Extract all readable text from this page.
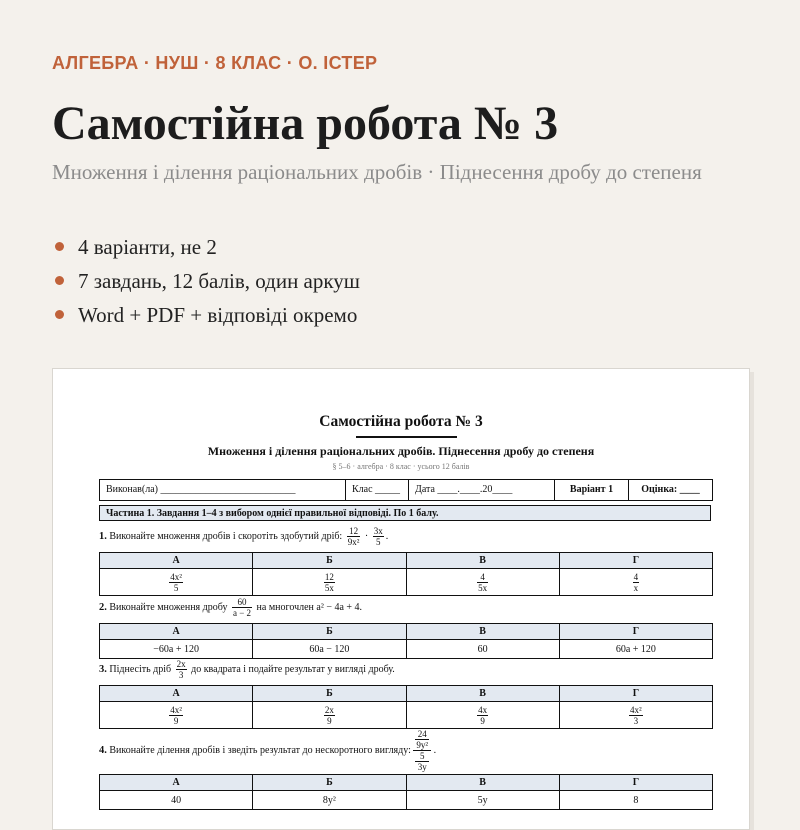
АЛГЕБРА · НУШ · 8 КЛАС · О. ІСТЕР
Самостійна робота № 3
Множення і ділення раціональних дробів · Піднесення дробу до степеня
4 варіанти, не 2
7 завдань, 12 балів, один аркуш
Word + PDF + відповіді окремо
Самостійна робота № 3
Множення і ділення раціональних дробів. Піднесення дробу до степеня
§ 5–6 · алгебра · 8 клас · усього 12 балів
Виконав(ла) ___________________________	Клас _____	Дата ____.____.20____	Варіант 1	Оцінка: ____
Частина 1. Завдання 1–4 з вибором однієї правильної відповіді. По 1 балу.
1. Виконайте множення дробів і скоротіть здобутий дріб: $\frac{12}{\text{9x²}} \cdot \frac{3x}{5}$ .
А	Б	В	Г

$\frac{\text{4x²}}{5}$	$\frac{12}{5x}$	$\frac{4}{5x}$	$\frac{4}{x}$
2. Виконайте множення дробу $\frac{60}{a - 2}$ на многочлен a² − 4a + 4.
А	Б	В	Г
−60a + 120	60a − 120	60	60a + 120
3. Піднесіть дріб $\frac{2x}{3}$ до квадрата і подайте результат у вигляді дробу.
А	Б	В	Г

$\frac{\text{4x²}}{9}$	$\frac{2x}{9}$	$\frac{4x}{9}$	$\frac{\text{4x²}}{3}$
4. Виконайте ділення дробів і зведіть результат до нескоротного вигляду: 24
9y²
5
3y .
А	Б	В	Г
40	8y²	5y	8
